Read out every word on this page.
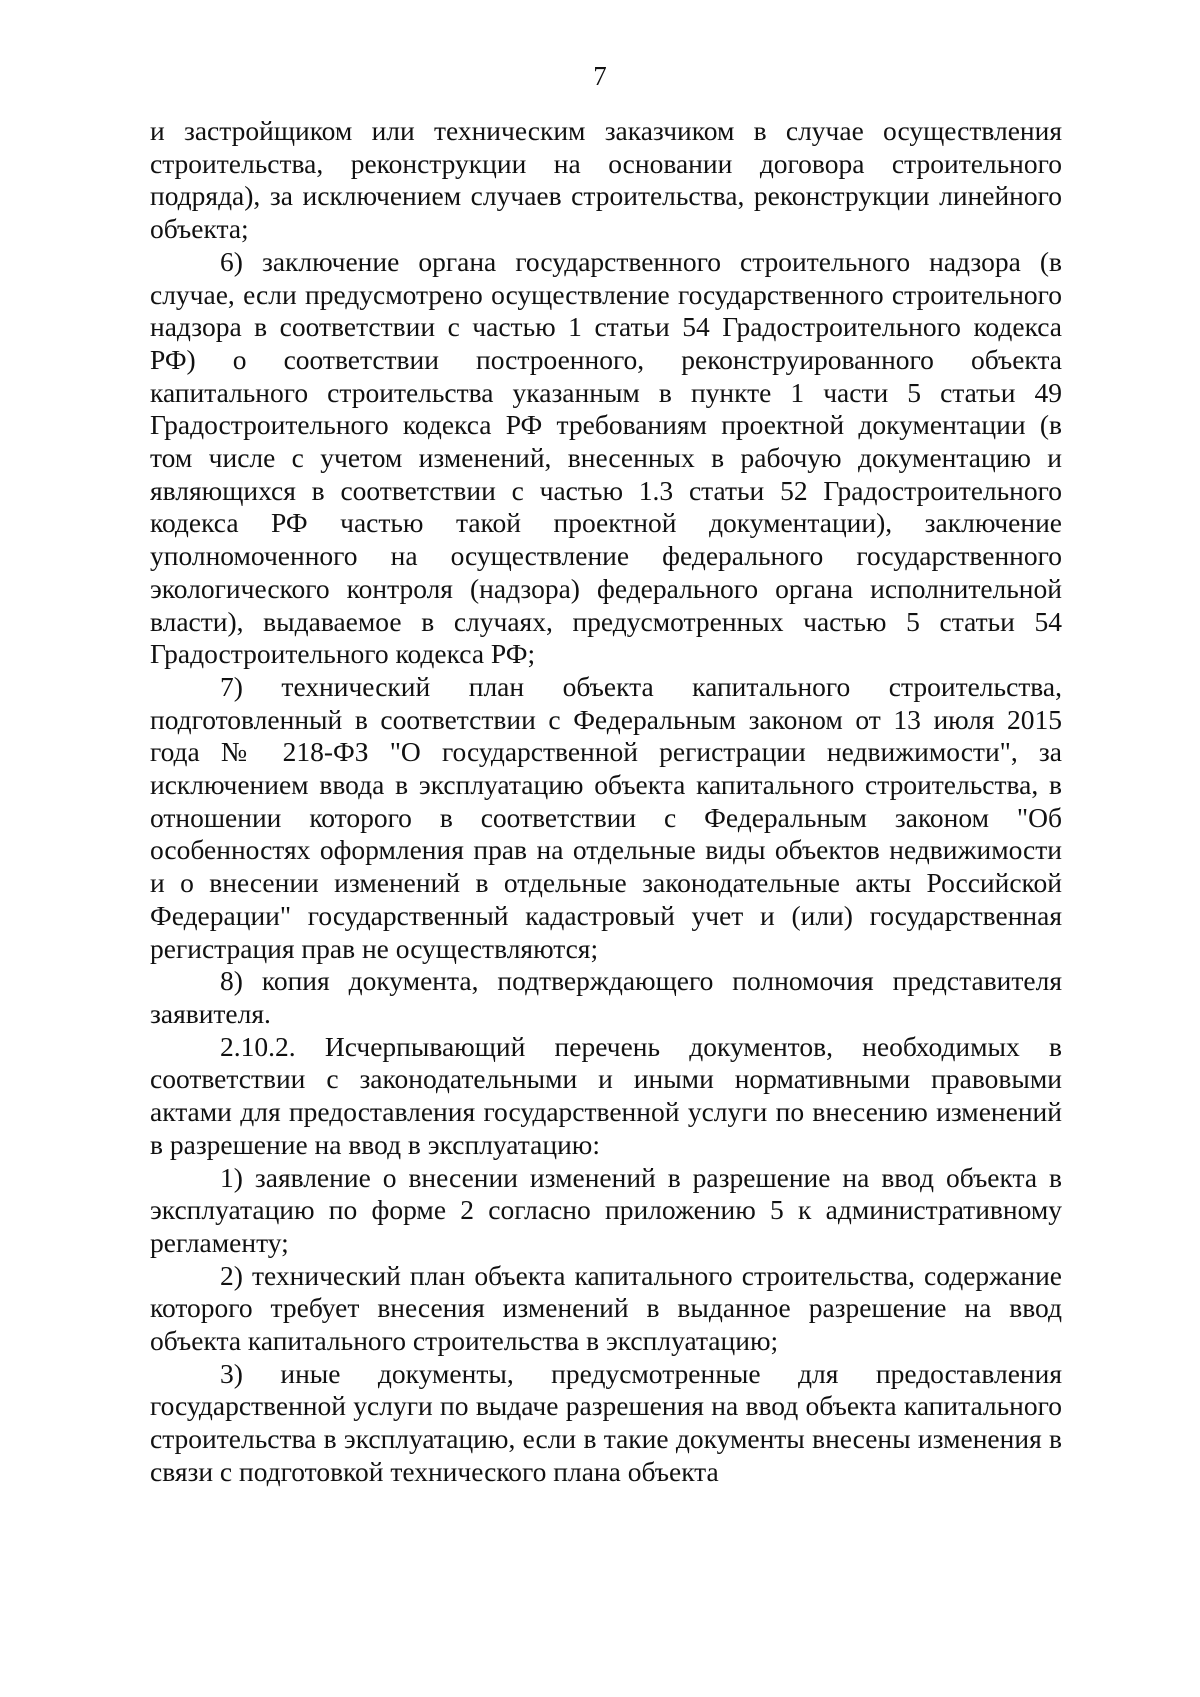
7

и застройщиком или техническим заказчиком в случае осуществления строительства, реконструкции на основании договора строительного подряда), за исключением случаев строительства, реконструкции линейного объекта;

6) заключение органа государственного строительного надзора (в случае, если предусмотрено осуществление государственного строительного надзора в соответствии с частью 1 статьи 54 Градостроительного кодекса РФ) о соответствии построенного, реконструированного объекта капитального строительства указанным в пункте 1 части 5 статьи 49 Градостроительного кодекса РФ требованиям проектной документации (в том числе с учетом изменений, внесенных в рабочую документацию и являющихся в соответствии с частью 1.3 статьи 52 Градостроительного кодекса РФ частью такой проектной документации), заключение уполномоченного на осуществление федерального государственного экологического контроля (надзора) федерального органа исполнительной власти), выдаваемое в случаях, предусмотренных частью 5 статьи 54 Градостроительного кодекса РФ;

7) технический план объекта капитального строительства, подготовленный в соответствии с Федеральным законом от 13 июля 2015 года № 218-ФЗ "О государственной регистрации недвижимости", за исключением ввода в эксплуатацию объекта капитального строительства, в отношении которого в соответствии с Федеральным законом "Об особенностях оформления прав на отдельные виды объектов недвижимости и о внесении изменений в отдельные законодательные акты Российской Федерации" государственный кадастровый учет и (или) государственная регистрация прав не осуществляются;

8) копия документа, подтверждающего полномочия представителя заявителя.

2.10.2. Исчерпывающий перечень документов, необходимых в соответствии с законодательными и иными нормативными правовыми актами для предоставления государственной услуги по внесению изменений в разрешение на ввод в эксплуатацию:

1) заявление о внесении изменений в разрешение на ввод объекта в эксплуатацию по форме 2 согласно приложению 5 к административному регламенту;

2) технический план объекта капитального строительства, содержание которого требует внесения изменений в выданное разрешение на ввод объекта капитального строительства в эксплуатацию;

3) иные документы, предусмотренные для предоставления государственной услуги по выдаче разрешения на ввод объекта капитального строительства в эксплуатацию, если в такие документы внесены изменения в связи с подготовкой технического плана объекта
